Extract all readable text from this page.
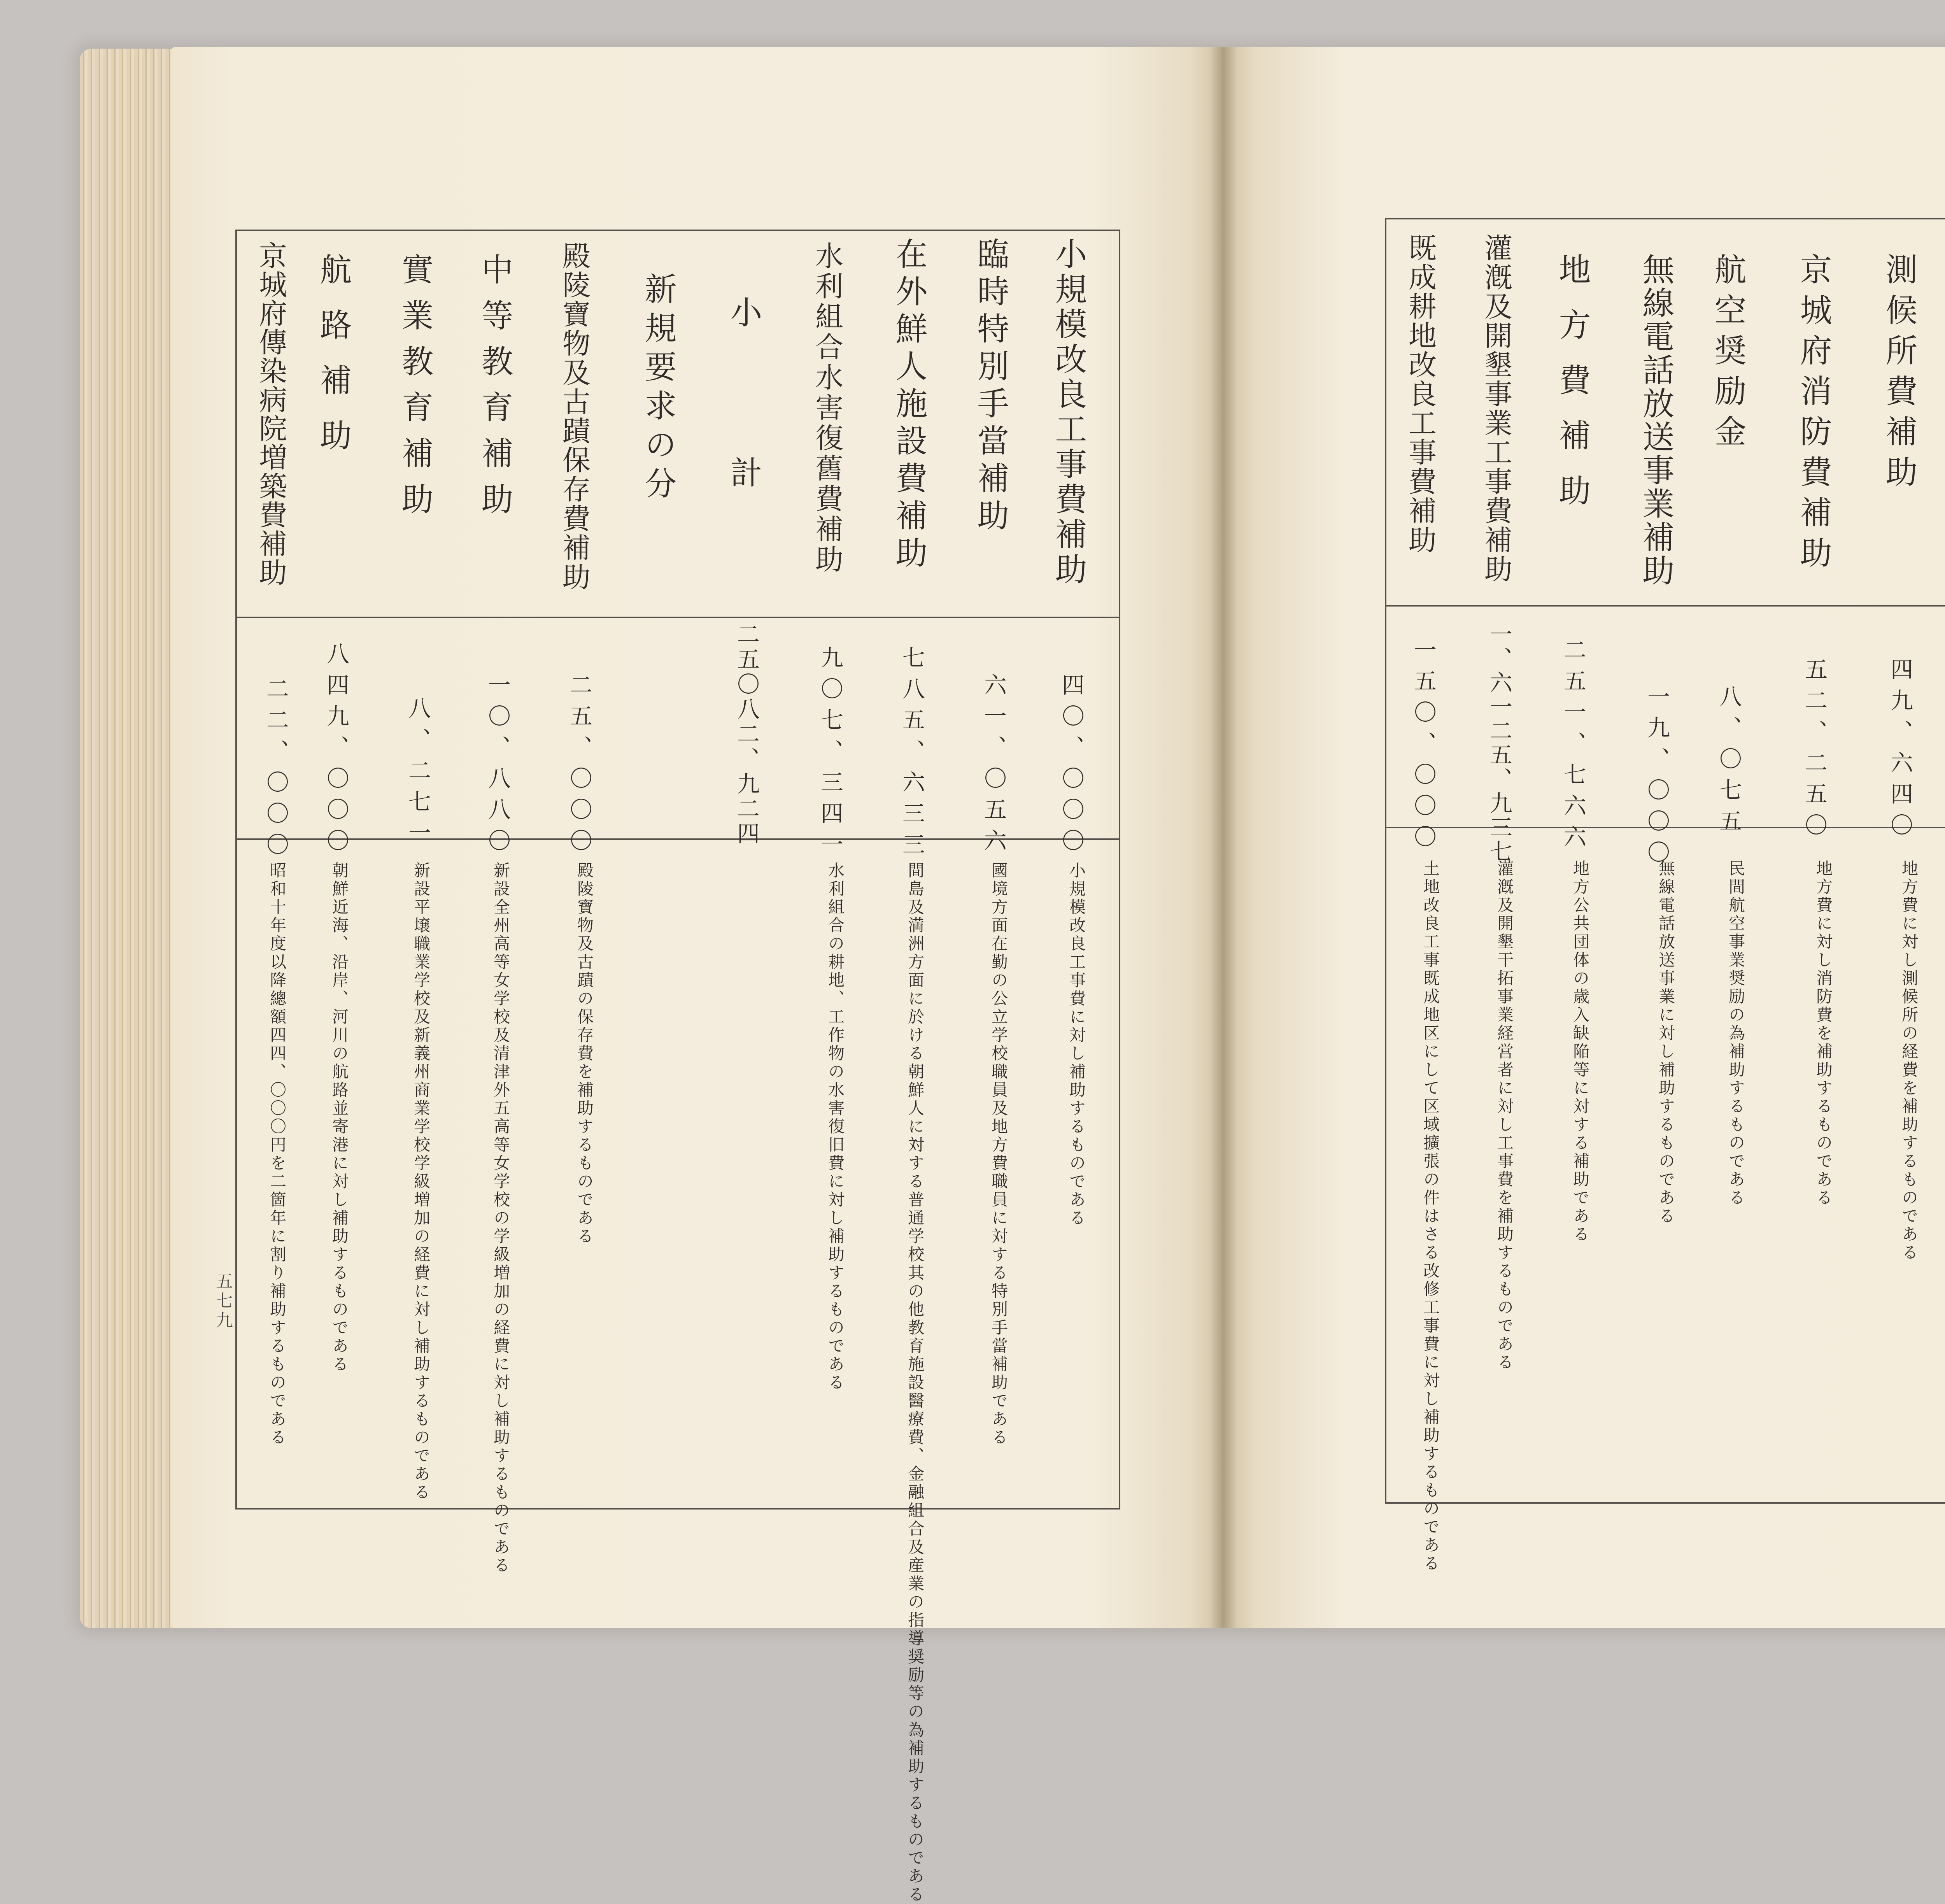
測候所費補助
四九、六四〇
地方費に対し測候所の経費を補助するものである
京城府消防費補助
五二、二五〇
地方費に対し消防費を補助するものである
航空奨励金
八、〇七五
民間航空事業奨励の為補助するものである
無線電話放送事業補助
一九、〇〇〇
無線電話放送事業に対し補助するものである
地方費補助
二五一、七六六
地方公共団体の歳入缺陥等に対する補助である
灌漑及開墾事業工事費補助
一、六一二五、九三七
灌漑及開墾干拓事業経営者に対し工事費を補助するものである
既成耕地改良工事費補助
一五〇、〇〇〇
土地改良工事既成地区にして区域擴張の件はさる改修工事費に対し補助するものである
小規模改良工事費補助
四〇、〇〇〇
小規模改良工事費に対し補助するものである
臨時特別手當補助
六一、〇五六
國境方面在勤の公立学校職員及地方費職員に対する特別手當補助である
在外鮮人施設費補助
七八五、六三三
間島及満洲方面に於ける朝鮮人に対する普通学校其の他教育施設醫療費、金融組合及産業の指導奨励等の為補助するものである
水利組合水害復舊費補助
九〇七、三四一
水利組合の耕地、工作物の水害復旧費に対し補助するものである
小計
二五〇八二、九二四
新規要求の分
殿陵寶物及古蹟保存費補助
二五、〇〇〇
殿陵寶物及古蹟の保存費を補助するものである
中等教育補助
一〇、八八〇
新設全州高等女学校及清津外五高等女学校の学級増加の経費に対し補助するものである
實業教育補助
八、二七一
新設平壌職業学校及新義州商業学校学級増加の経費に対し補助するものである
航路補助
八四九、〇〇〇
朝鮮近海、沿岸、河川の航路並寄港に対し補助するものである
京城府傳染病院増築費補助
二二、〇〇〇
昭和十年度以降總額四四、〇〇〇円を二箇年に割り補助するものである
五七九
